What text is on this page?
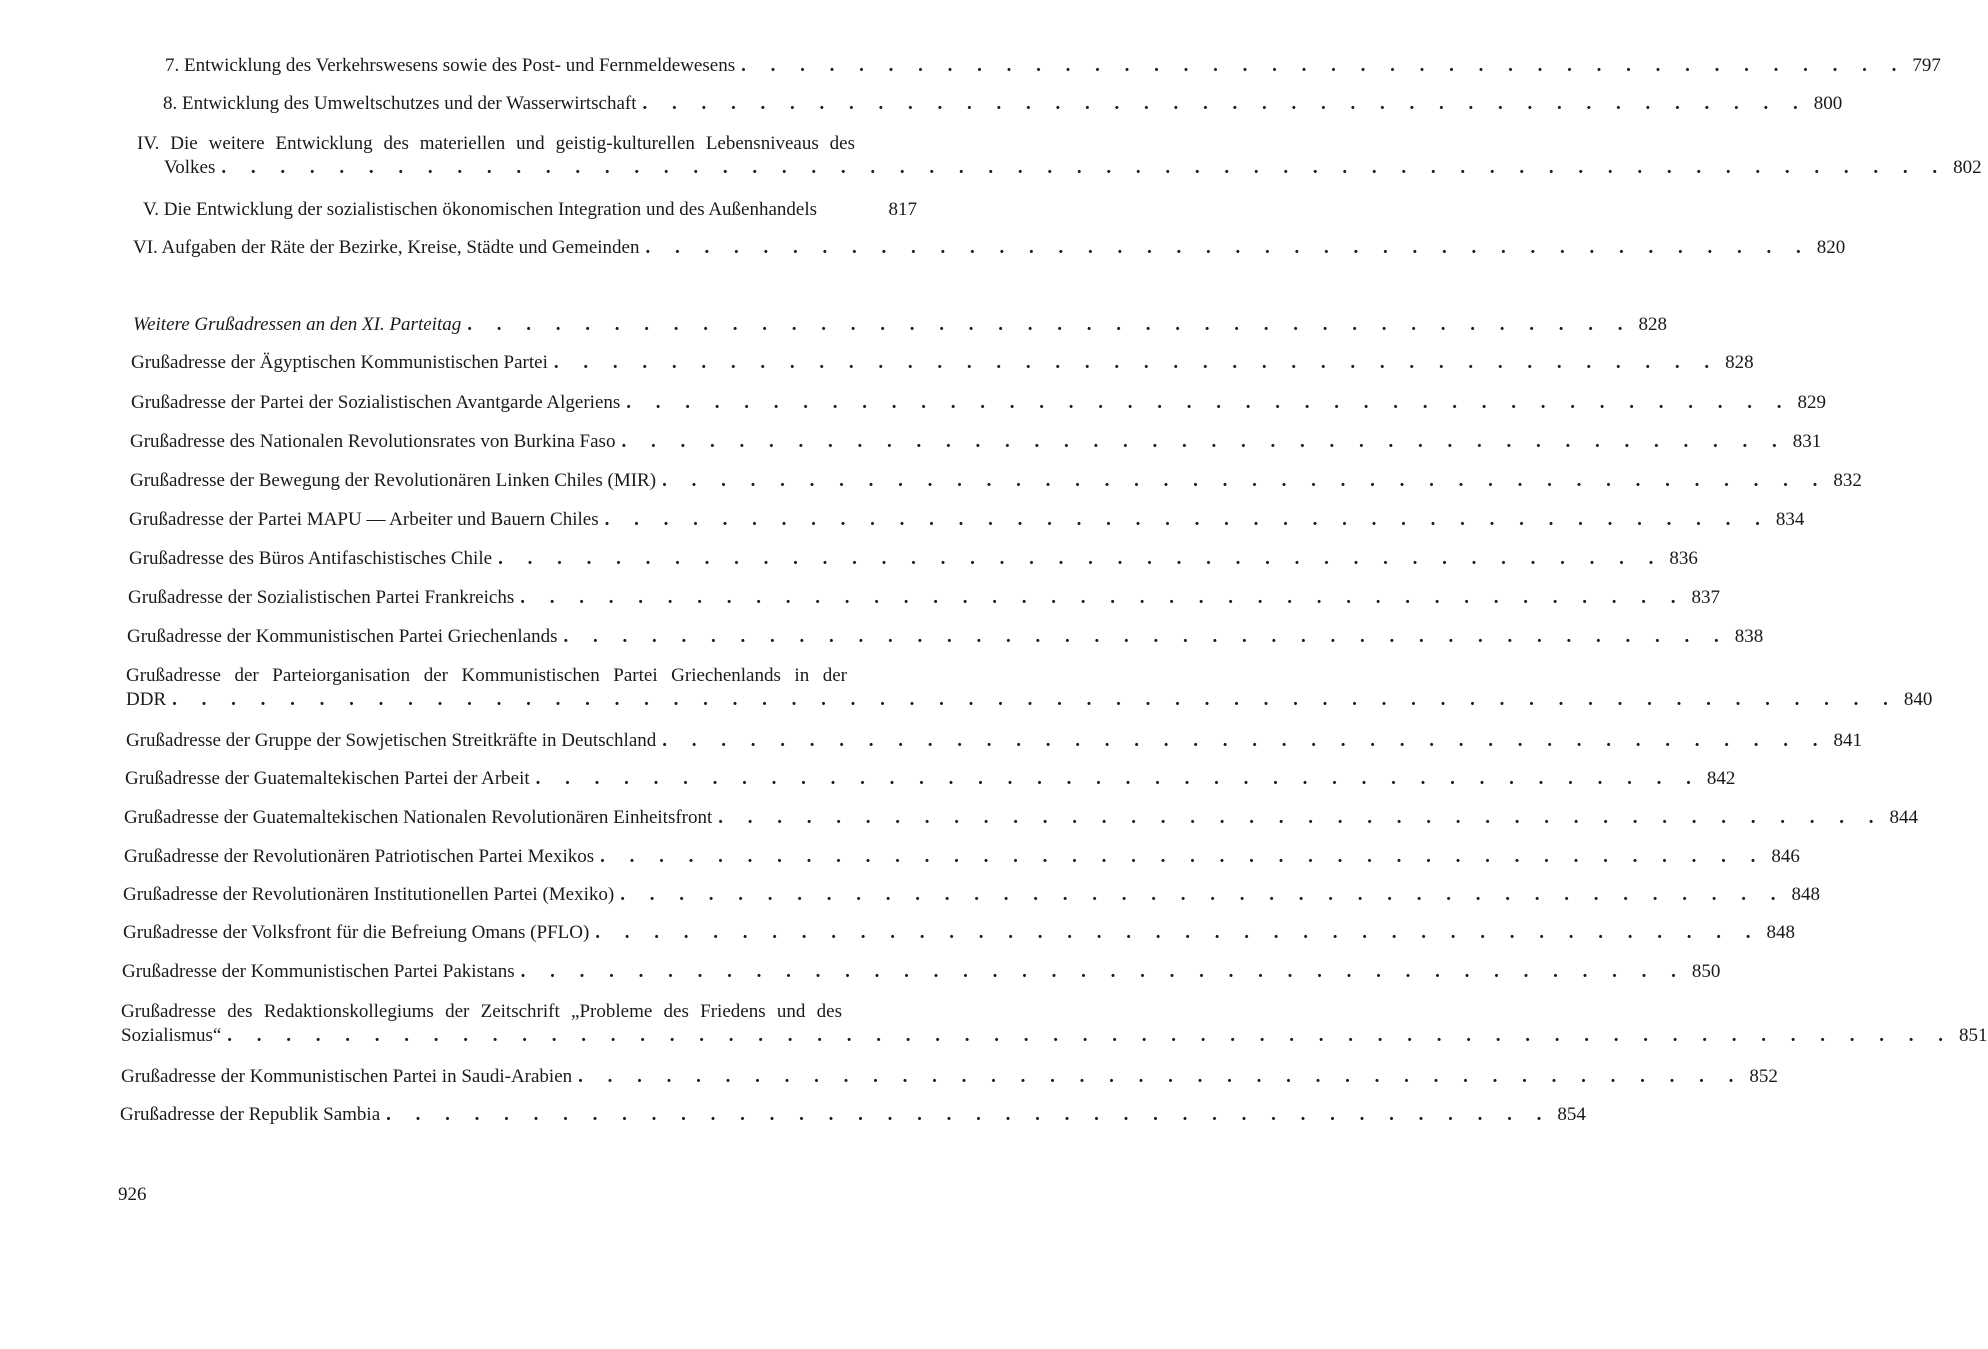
7. Entwicklung des Verkehrswesens sowie des Post- und Fernmeldewesens . . . . . . . . . . . . . . . . . . . . . . . . . . . . . . . . . . . . . . . . 797
8. Entwicklung des Umweltschutzes und der Wasserwirtschaft . . . . . . . . . . . . . . . . . . . . . . . . . . . . . . . . . . . . . . . . 800
IV. Die weitere Entwicklung des materiellen und geistig-kulturellen Lebensniveaus des
Volkes . . . . . . . . . . . . . . . . . . . . . . . . . . . . . . . . . . . . . . . . . . . . . . . . . . . . . . . . . . . 802
V. Die Entwicklung der sozialistischen ökonomischen Integration und des Außenhandels	817
VI. Aufgaben der Räte der Bezirke, Kreise, Städte und Gemeinden . . . . . . . . . . . . . . . . . . . . . . . . . . . . . . . . . . . . . . . . 820
Weitere Grußadressen an den XI. Parteitag . . . . . . . . . . . . . . . . . . . . . . . . . . . . . . . . . . . . . . . . 828
Grußadresse der Ägyptischen Kommunistischen Partei . . . . . . . . . . . . . . . . . . . . . . . . . . . . . . . . . . . . . . . . 828
Grußadresse der Partei der Sozialistischen Avantgarde Algeriens . . . . . . . . . . . . . . . . . . . . . . . . . . . . . . . . . . . . . . . . 829
Grußadresse des Nationalen Revolutionsrates von Burkina Faso . . . . . . . . . . . . . . . . . . . . . . . . . . . . . . . . . . . . . . . . 831
Grußadresse der Bewegung der Revolutionären Linken Chiles (MIR) . . . . . . . . . . . . . . . . . . . . . . . . . . . . . . . . . . . . . . . . 832
Grußadresse der Partei MAPU — Arbeiter und Bauern Chiles . . . . . . . . . . . . . . . . . . . . . . . . . . . . . . . . . . . . . . . . 834
Grußadresse des Büros Antifaschistisches Chile . . . . . . . . . . . . . . . . . . . . . . . . . . . . . . . . . . . . . . . . 836
Grußadresse der Sozialistischen Partei Frankreichs . . . . . . . . . . . . . . . . . . . . . . . . . . . . . . . . . . . . . . . . 837
Grußadresse der Kommunistischen Partei Griechenlands . . . . . . . . . . . . . . . . . . . . . . . . . . . . . . . . . . . . . . . . 838
Grußadresse der Parteiorganisation der Kommunistischen Partei Griechenlands in der
DDR . . . . . . . . . . . . . . . . . . . . . . . . . . . . . . . . . . . . . . . . . . . . . . . . . . . . . . . . . . . 840
Grußadresse der Gruppe der Sowjetischen Streitkräfte in Deutschland . . . . . . . . . . . . . . . . . . . . . . . . . . . . . . . . . . . . . . . . 841
Grußadresse der Guatemaltekischen Partei der Arbeit . . . . . . . . . . . . . . . . . . . . . . . . . . . . . . . . . . . . . . . . 842
Grußadresse der Guatemaltekischen Nationalen Revolutionären Einheitsfront . . . . . . . . . . . . . . . . . . . . . . . . . . . . . . . . . . . . . . . . 844
Grußadresse der Revolutionären Patriotischen Partei Mexikos . . . . . . . . . . . . . . . . . . . . . . . . . . . . . . . . . . . . . . . . 846
Grußadresse der Revolutionären Institutionellen Partei (Mexiko) . . . . . . . . . . . . . . . . . . . . . . . . . . . . . . . . . . . . . . . . 848
Grußadresse der Volksfront für die Befreiung Omans (PFLO) . . . . . . . . . . . . . . . . . . . . . . . . . . . . . . . . . . . . . . . . 848
Grußadresse der Kommunistischen Partei Pakistans . . . . . . . . . . . . . . . . . . . . . . . . . . . . . . . . . . . . . . . . 850
Grußadresse des Redaktionskollegiums der Zeitschrift „Probleme des Friedens und des
Sozialismus“ . . . . . . . . . . . . . . . . . . . . . . . . . . . . . . . . . . . . . . . . . . . . . . . . . . . . . . . . . . . 851
Grußadresse der Kommunistischen Partei in Saudi-Arabien . . . . . . . . . . . . . . . . . . . . . . . . . . . . . . . . . . . . . . . . 852
Grußadresse der Republik Sambia . . . . . . . . . . . . . . . . . . . . . . . . . . . . . . . . . . . . . . . . 854
926
